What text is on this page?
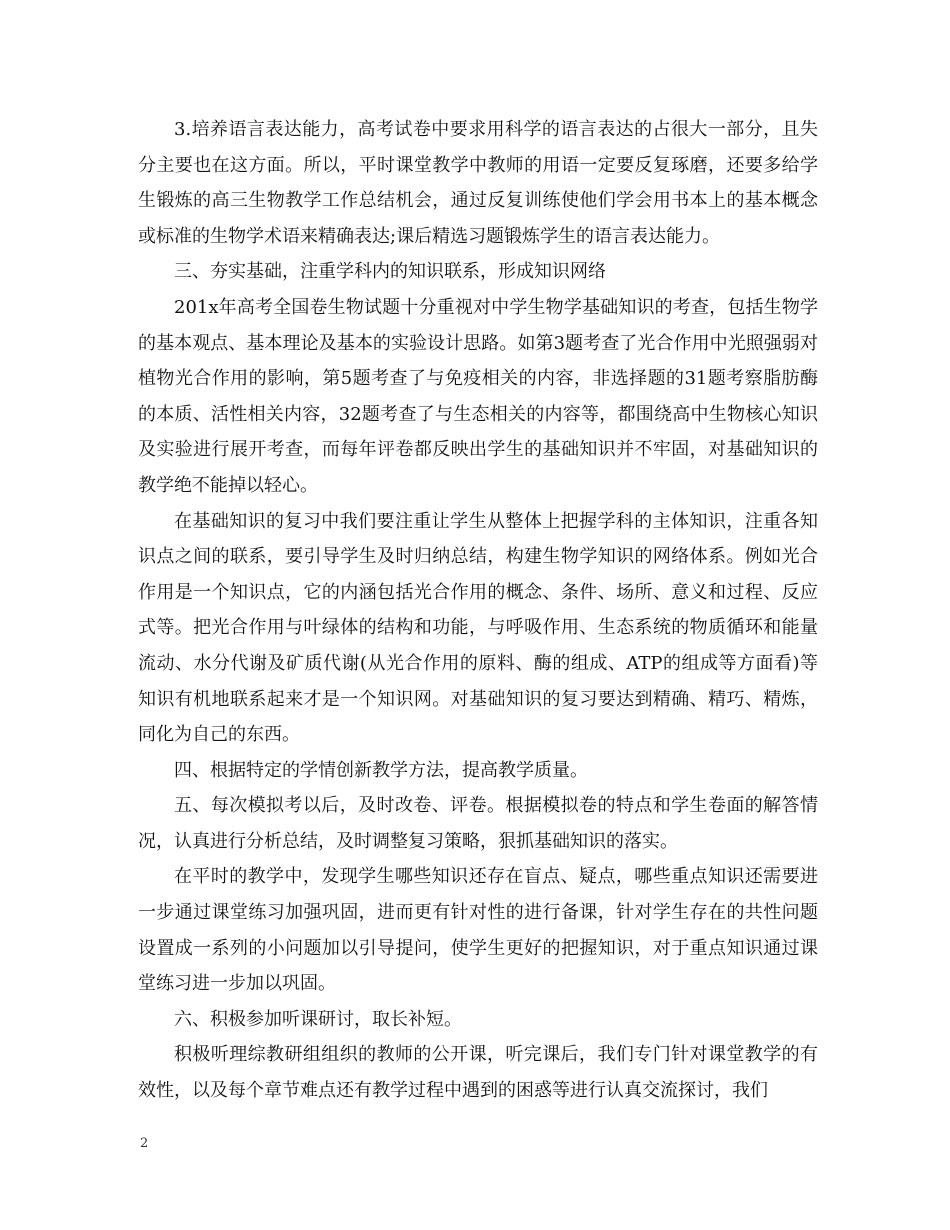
3.培养语言表达能力，高考试卷中要求用科学的语言表达的占很大一部分，且失分主要也在这方面。所以，平时课堂教学中教师的用语一定要反复琢磨，还要多给学生锻炼的高三生物教学工作总结机会，通过反复训练使他们学会用书本上的基本概念或标准的生物学术语来精确表达;课后精选习题锻炼学生的语言表达能力。

三、夯实基础，注重学科内的知识联系，形成知识网络

201x年高考全国卷生物试题十分重视对中学生物学基础知识的考查，包括生物学的基本观点、基本理论及基本的实验设计思路。如第3题考查了光合作用中光照强弱对植物光合作用的影响，第5题考查了与免疫相关的内容，非选择题的31题考察脂肪酶的本质、活性相关内容，32题考查了与生态相关的内容等，都围绕高中生物核心知识及实验进行展开考查，而每年评卷都反映出学生的基础知识并不牢固，对基础知识的教学绝不能掉以轻心。

在基础知识的复习中我们要注重让学生从整体上把握学科的主体知识，注重各知识点之间的联系，要引导学生及时归纳总结，构建生物学知识的网络体系。例如光合作用是一个知识点，它的内涵包括光合作用的概念、条件、场所、意义和过程、反应式等。把光合作用与叶绿体的结构和功能，与呼吸作用、生态系统的物质循环和能量流动、水分代谢及矿质代谢(从光合作用的原料、酶的组成、ATP的组成等方面看)等知识有机地联系起来才是一个知识网。对基础知识的复习要达到精确、精巧、精炼，同化为自己的东西。

四、根据特定的学情创新教学方法，提高教学质量。

五、每次模拟考以后，及时改卷、评卷。根据模拟卷的特点和学生卷面的解答情况，认真进行分析总结，及时调整复习策略，狠抓基础知识的落实。

在平时的教学中，发现学生哪些知识还存在盲点、疑点，哪些重点知识还需要进一步通过课堂练习加强巩固，进而更有针对性的进行备课，针对学生存在的共性问题设置成一系列的小问题加以引导提问，使学生更好的把握知识，对于重点知识通过课堂练习进一步加以巩固。

六、积极参加听课研讨，取长补短。

积极听理综教研组组织的教师的公开课，听完课后，我们专门针对课堂教学的有效性，以及每个章节难点还有教学过程中遇到的困惑等进行认真交流探讨，我们

2
